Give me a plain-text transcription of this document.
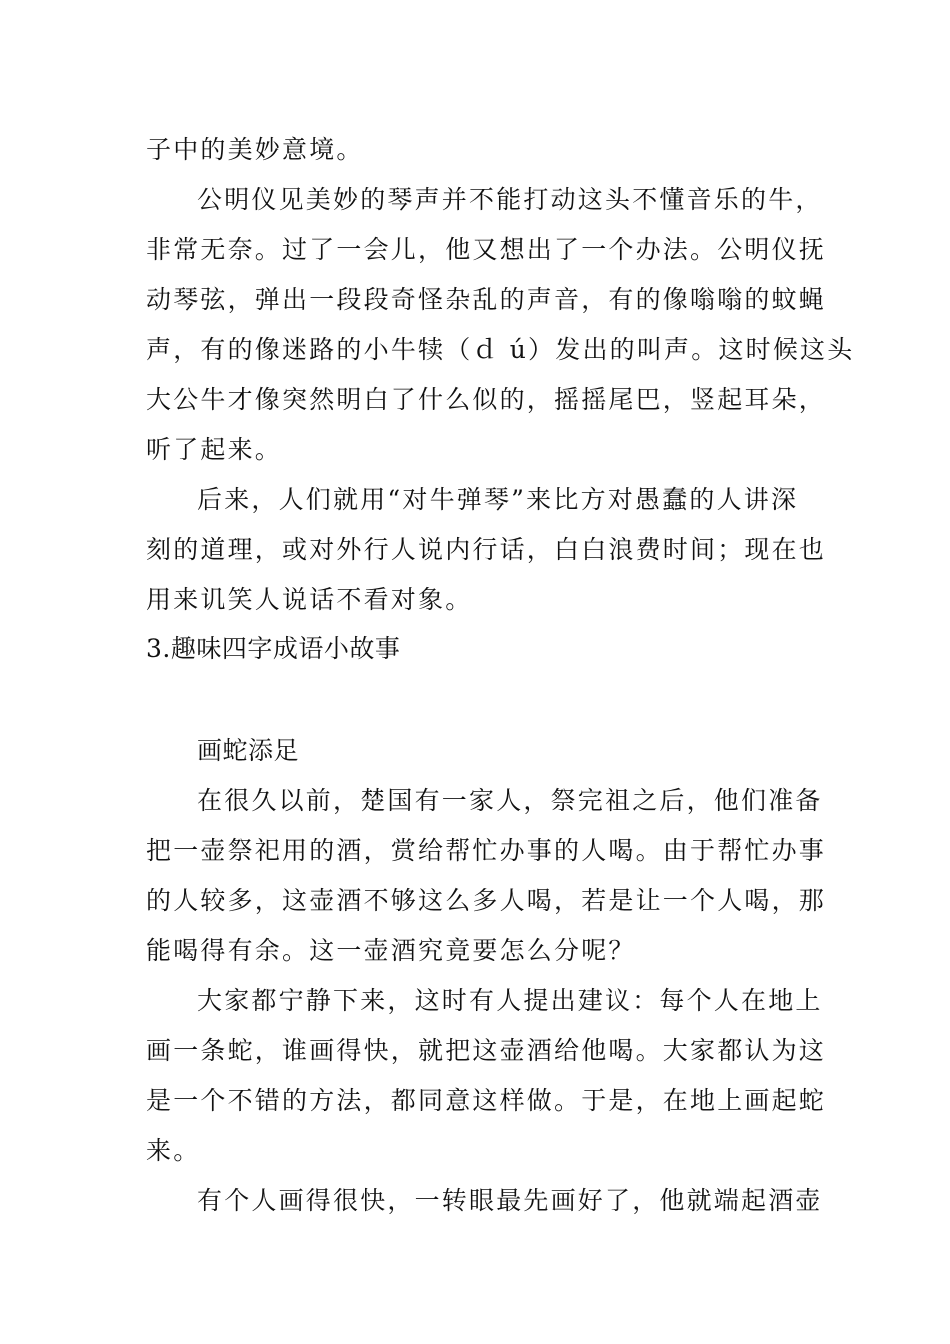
子中的美妙意境。

公明仪见美妙的琴声并不能打动这头不懂音乐的牛，

非常无奈。过了一会儿，他又想出了一个办法。公明仪抚

动琴弦，弹出一段段奇怪杂乱的声音，有的像嗡嗡的蚊蝇

声，有的像迷路的小牛犊（ｄ ú）发出的叫声。这时候这头

大公牛才像突然明白了什么似的，摇摇尾巴，竖起耳朵，

听了起来。

后来，人们就用“对牛弹琴”来比方对愚蠢的人讲深

刻的道理，或对外行人说内行话，白白浪费时间；现在也

用来讥笑人说话不看对象。

3.趣味四字成语小故事

画蛇添足

在很久以前，楚国有一家人，祭完祖之后，他们准备

把一壶祭祀用的酒，赏给帮忙办事的人喝。由于帮忙办事

的人较多，这壶酒不够这么多人喝，若是让一个人喝，那

能喝得有余。这一壶酒究竟要怎么分呢？

大家都宁静下来，这时有人提出建议：每个人在地上

画一条蛇，谁画得快，就把这壶酒给他喝。大家都认为这

是一个不错的方法，都同意这样做。于是，在地上画起蛇

来。

有个人画得很快，一转眼最先画好了，他就端起酒壶
